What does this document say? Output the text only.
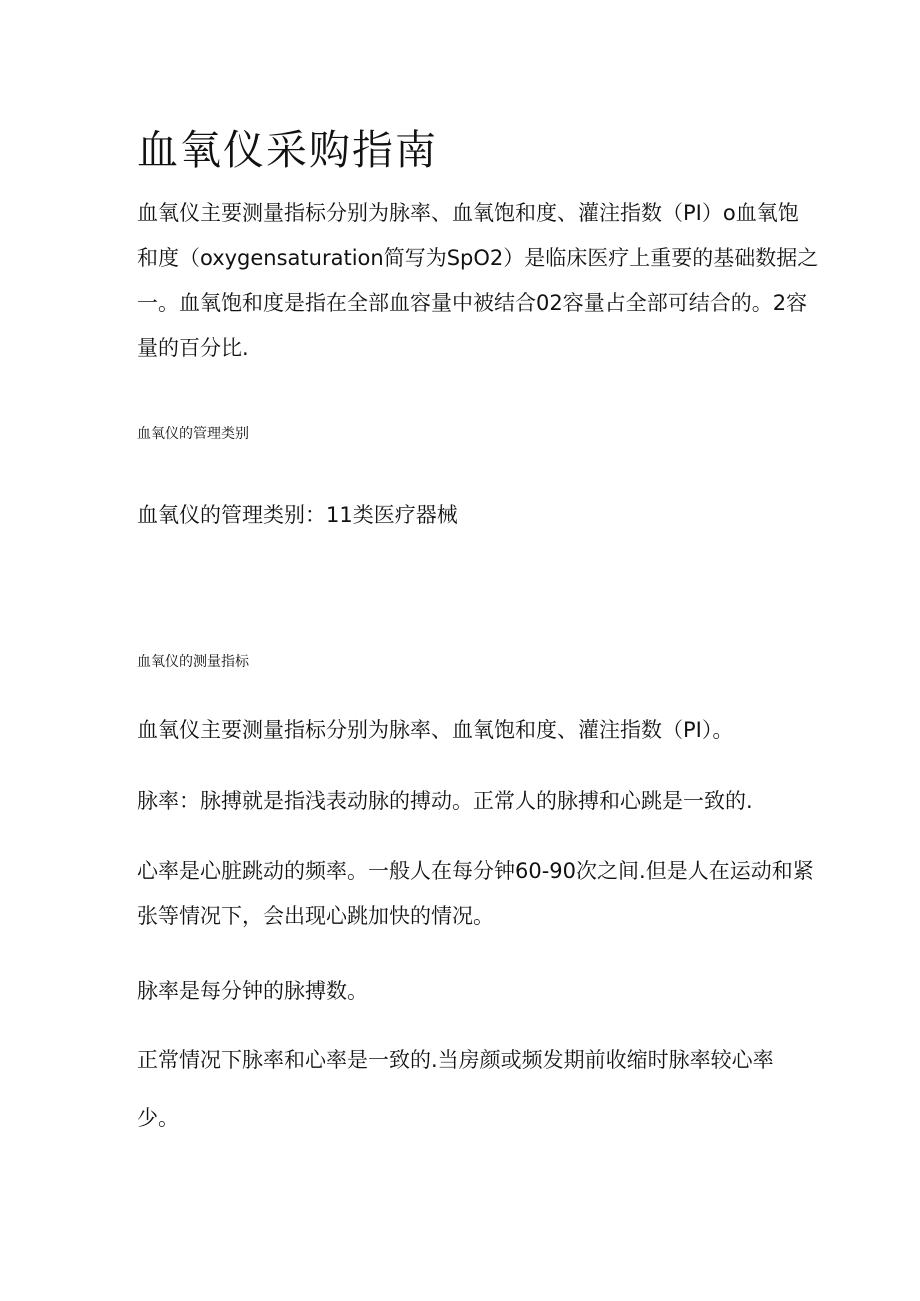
血氧仪采购指南
血氧仪主要测量指标分别为脉率、血氧饱和度、灌注指数（PI）o血氧饱
和度（oxygensaturation简写为SpO2）是临床医疗上重要的基础数据之
一。血氧饱和度是指在全部血容量中被结合02容量占全部可结合的。2容
量的百分比.
血氧仪的管理类别
血氧仪的管理类别：11类医疗器械
血氧仪的测量指标
血氧仪主要测量指标分别为脉率、血氧饱和度、灌注指数（PI）。
脉率：脉搏就是指浅表动脉的搏动。正常人的脉搏和心跳是一致的.
心率是心脏跳动的频率。一般人在每分钟60-90次之间.但是人在运动和紧
张等情况下，会出现心跳加快的情况。
脉率是每分钟的脉搏数。
正常情况下脉率和心率是一致的.当房颜或频发期前收缩时脉率较心率
少。
